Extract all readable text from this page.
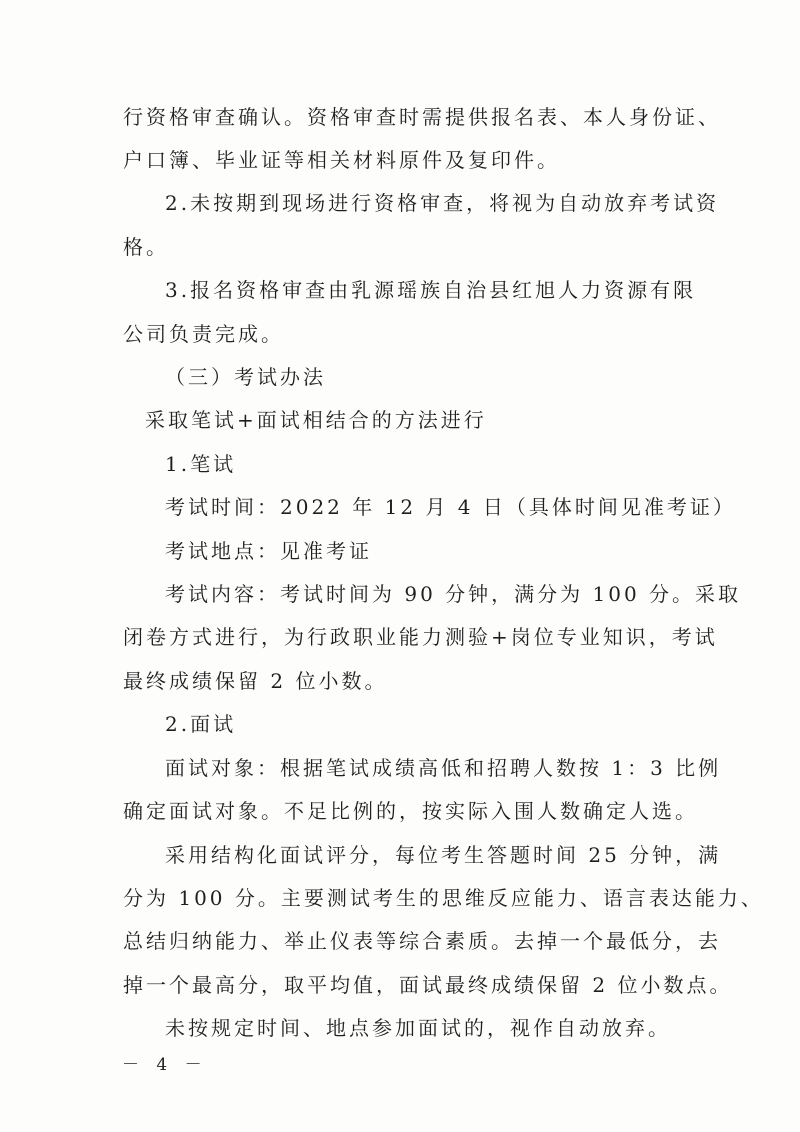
行资格审查确认。资格审查时需提供报名表、本人身份证、

户口簿、毕业证等相关材料原件及复印件。

2.未按期到现场进行资格审查，将视为自动放弃考试资

格。

3.报名资格审查由乳源瑶族自治县红旭人力资源有限

公司负责完成。

（三）考试办法

采取笔试+面试相结合的方法进行

1.笔试

考试时间：2022 年 12 月 4 日（具体时间见准考证）

考试地点：见准考证

考试内容：考试时间为 90 分钟，满分为 100 分。采取

闭卷方式进行，为行政职业能力测验+岗位专业知识，考试

最终成绩保留 2 位小数。

2.面试

面试对象：根据笔试成绩高低和招聘人数按 1：3 比例

确定面试对象。不足比例的，按实际入围人数确定人选。

采用结构化面试评分，每位考生答题时间 25 分钟，满

分为 100 分。主要测试考生的思维反应能力、语言表达能力、

总结归纳能力、举止仪表等综合素质。去掉一个最低分，去

掉一个最高分，取平均值，面试最终成绩保留 2 位小数点。

未按规定时间、地点参加面试的，视作自动放弃。

－ 4 －
